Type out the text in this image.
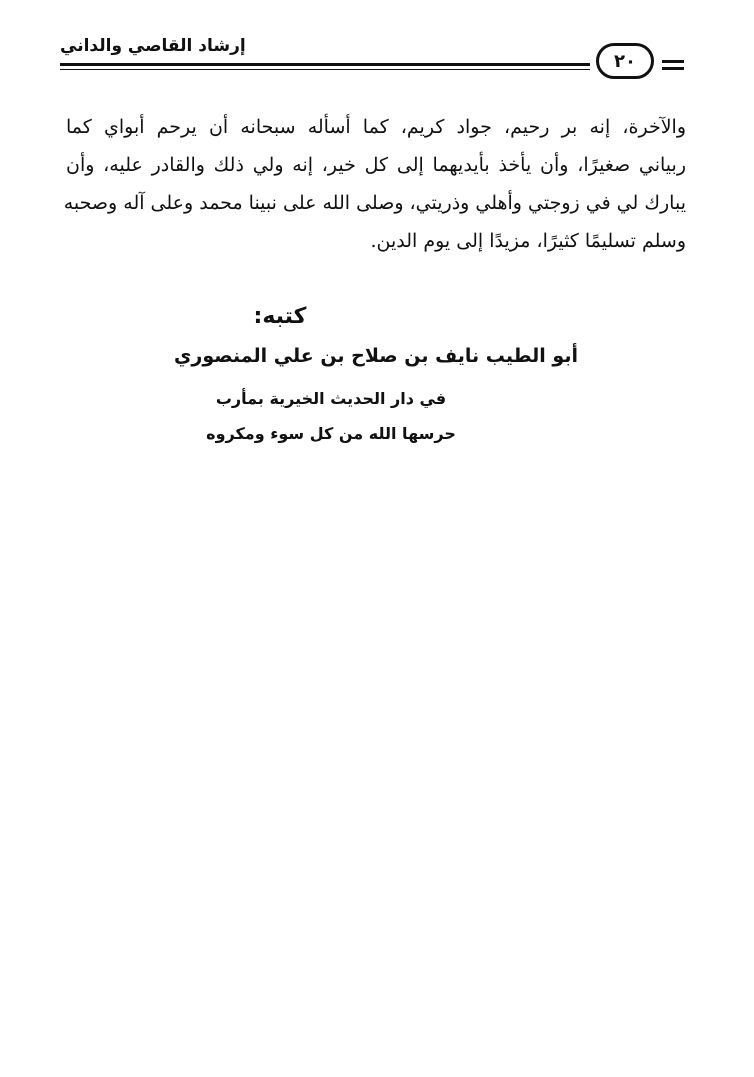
إرشاد القاصي والداني
٢٠
والآخرة، إنه بر رحيم، جواد كريم، كما أسأله سبحانه أن يرحم أبواي كما
ربياني صغيرًا، وأن يأخذ بأيديهما إلى كل خير، إنه ولي ذلك والقادر عليه، وأن
يبارك لي في زوجتي وأهلي وذريتي، وصلى الله على نبينا محمد وعلى آله وصحبه
وسلم تسليمًا كثيرًا، مزيدًا إلى يوم الدين.
كتبه:
أبو الطيب نايف بن صلاح بن علي المنصوري
في دار الحديث الخيرية بمأرب
حرسها الله من كل سوء ومكروه
